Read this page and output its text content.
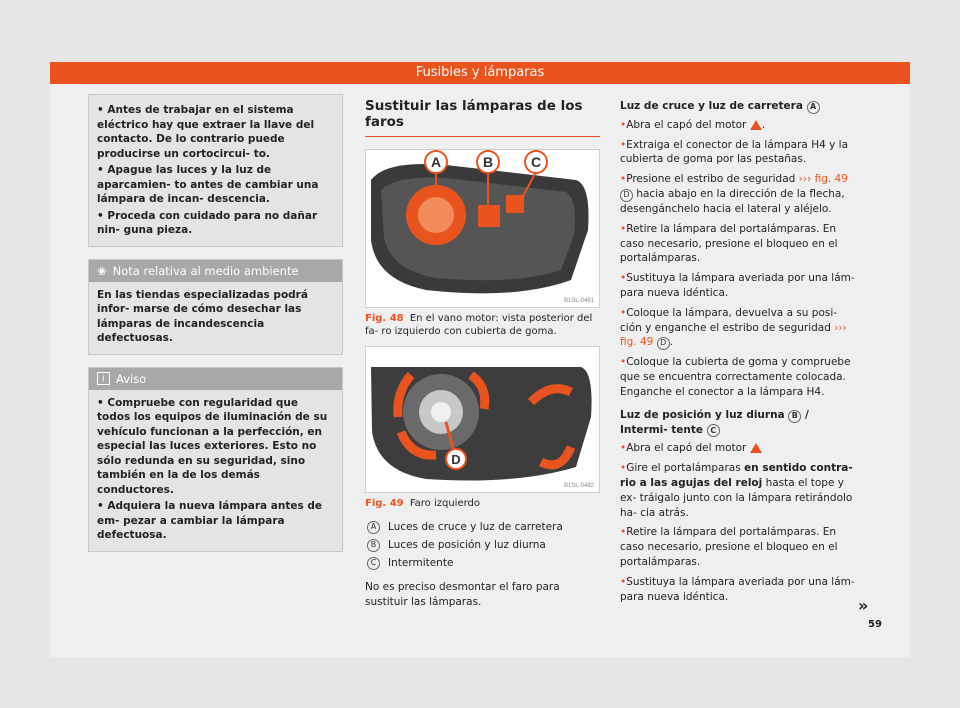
Fusibles y lámparas

• Antes de trabajar en el sistema eléctrico hay que extraer la llave del contacto. De lo contrario puede producirse un cortocircui- to.

• Apague las luces y la luz de aparcamien- to antes de cambiar una lámpara de incan- descencia.

• Proceda con cuidado para no dañar nin- guna pieza.

❀ Nota relativa al medio ambiente

En las tiendas especializadas podrá infor- marse de cómo desechar las lámparas de incandescencia defectuosas.

i Aviso

• Compruebe con regularidad que todos los equipos de iluminación de su vehículo funcionan a la perfección, en especial las luces exteriores. Esto no sólo redunda en su seguridad, sino también en la de los demás conductores.

• Adquiera la nueva lámpara antes de em- pezar a cambiar la lámpara defectuosa.

Sustituir las lámparas de los faros
A	B	C
B1SL-0481
Fig. 48 En el vano motor: vista posterior del fa- ro izquierdo con cubierta de goma.
D
B1SL-0482
Fig. 49 Faro izquierdo
A	Luces de cruce y luz de carretera
B	Luces de posición y luz diurna
C	Intermitente
No es preciso desmontar el faro para sustituir las lámparas.

Luz de cruce y luz de carretera A

• Abra el capó del motor .

• Extraiga el conector de la lámpara H4 y la cubierta de goma por las pestañas.

• Presione el estribo de seguridad ››› fig. 49 D hacia abajo en la dirección de la flecha, desengánchelo hacia el lateral y aléjelo.

• Retire la lámpara del portalámparas. En caso necesario, presione el bloqueo en el portalámparas.

• Sustituya la lámpara averiada por una lám- para nueva idéntica.

• Coloque la lámpara, devuelva a su posi- ción y enganche el estribo de seguridad ››› fig. 49 D .

• Coloque la cubierta de goma y compruebe que se encuentra correctamente colocada. Enganche el conector a la lámpara H4.

Luz de posición y luz diurna B / Intermi- tente C

• Abra el capó del motor

• Gire el portalámparas en sentido contra- rio a las agujas del reloj hasta el tope y ex- tráigalo junto con la lámpara retirándolo ha- cia atrás.

• Retire la lámpara del portalámparas. En caso necesario, presione el bloqueo en el portalámparas.

• Sustituya la lámpara averiada por una lám- para nueva idéntica.	»
59
